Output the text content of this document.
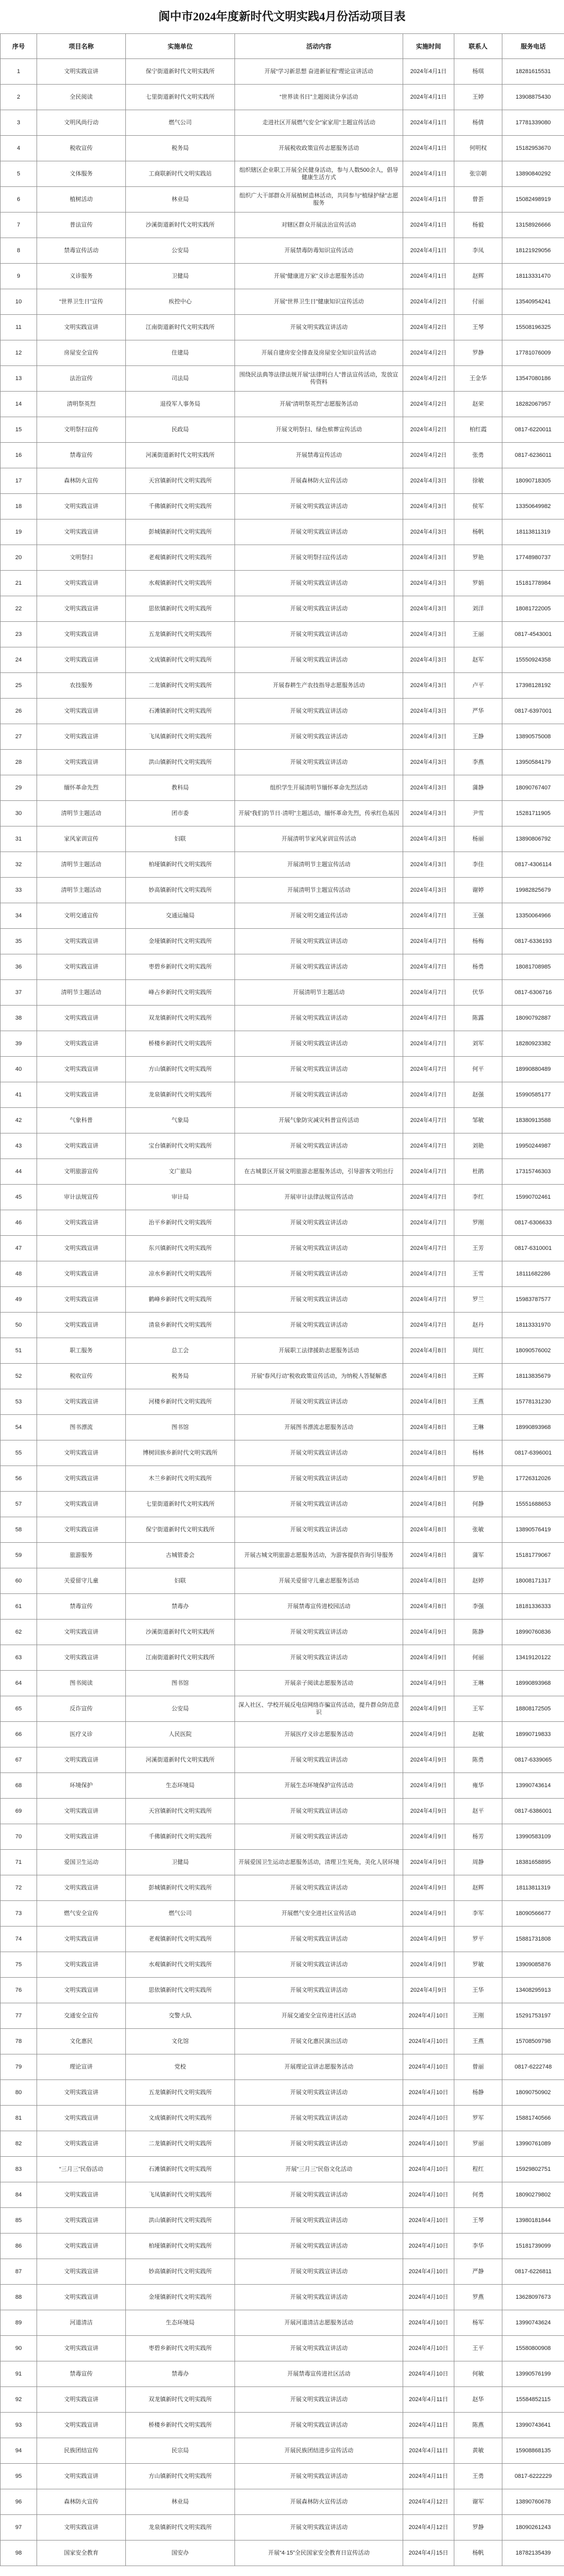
阆中市2024年度新时代文明实践4月份活动项目表
序号	项目名称	实施单位	活动内容	实施时间	联系人	服务电话

1	文明实践宣讲	保宁街道新时代文明实践所	开展“学习新思想 奋进新征程”理论宣讲活动	2024年4月1日	杨琪	18281615531

2	全民阅读	七里街道新时代文明实践所	“世界读书日”主题阅读分享活动	2024年4月1日	王婷	13908875430

3	文明风尚行动	燃气公司	走进社区开展燃气安全“家家用”主题宣传活动	2024年4月1日	杨倩	17781339080

4	税收宣传	税务局	开展税收政策宣传志愿服务活动	2024年4月1日	何明权	15182953670

5	文体服务	工商联新时代文明实践站	组织辖区企业职工开展全民健身活动，参与人数500余人，倡导健康生活方式	2024年4月1日	张宗朝	13890840292

6	植树活动	林业局	组织广大干部群众开展植树造林活动，共同参与“植绿护绿”志愿服务	2024年4月1日	曾荟	15082498919

7	普法宣传	沙溪街道新时代文明实践所	对辖区群众开展法治宣传活动	2024年4月1日	杨毅	13158926666

8	禁毒宣传活动	公安局	开展禁毒防毒知识宣传活动	2024年4月1日	李凤	18121929056

9	义诊服务	卫健局	开展“健康进万家”义诊志愿服务活动	2024年4月1日	赵辉	18113331470

10	“世界卫生日”宣传	疾控中心	开展“世界卫生日”健康知识宣传活动	2024年4月2日	付丽	13540954241

11	文明实践宣讲	江南街道新时代文明实践所	开展文明实践宣讲活动	2024年4月2日	王琴	15508196325

12	房屋安全宣传	住建局	开展自建房安全排查及房屋安全知识宣传活动	2024年4月2日	罗静	17781076009

13	法治宣传	司法局	围绕民法典等法律法规开展“法律明白人”普法宣传活动，发放宣传资料	2024年4月2日	王金华	13547080186

14	清明祭英烈	退役军人事务局	开展“清明祭英烈”志愿服务活动	2024年4月2日	赵荣	18282067957

15	文明祭扫宣传	民政局	开展文明祭扫、绿色殡葬宣传活动	2024年4月2日	柏红霞	0817-6220011

16	禁毒宣传	河溪街道新时代文明实践所	开展禁毒宣传活动	2024年4月2日	张勇	0817-6236011

17	森林防火宣传	天宫镇新时代文明实践所	开展森林防火宣传活动	2024年4月3日	徐敏	18090718305

18	文明实践宣讲	千佛镇新时代文明实践所	开展文明实践宣讲活动	2024年4月3日	侯军	13350649982

19	文明实践宣讲	彭城镇新时代文明实践所	开展文明实践宣讲活动	2024年4月3日	杨帆	18113811319

20	文明祭扫	老观镇新时代文明实践所	开展文明祭扫宣传活动	2024年4月3日	罗艳	17748980737

21	文明实践宣讲	水观镇新时代文明实践所	开展文明实践宣讲活动	2024年4月3日	罗娟	15181778984

22	文明实践宣讲	思依镇新时代文明实践所	开展文明实践宣讲活动	2024年4月3日	刘洋	18081722005

23	文明实践宣讲	五龙镇新时代文明实践所	开展文明实践宣讲活动	2024年4月3日	王丽	0817-4543001

24	文明实践宣讲	文成镇新时代文明实践所	开展文明实践宣讲活动	2024年4月3日	赵军	15550924358

25	农技服务	二龙镇新时代文明实践所	开展春耕生产农技指导志愿服务活动	2024年4月3日	卢平	17398128192

26	文明实践宣讲	石滩镇新时代文明实践所	开展文明实践宣讲活动	2024年4月3日	严华	0817-6397001

27	文明实践宣讲	飞凤镇新时代文明实践所	开展文明实践宣讲活动	2024年4月3日	王静	13890575008

28	文明实践宣讲	洪山镇新时代文明实践所	开展文明实践宣讲活动	2024年4月3日	李燕	13950584179

29	缅怀革命先烈	教科局	组织学生开展清明节缅怀革命先烈活动	2024年4月3日	蒲静	18090767407

30	清明节主题活动	团市委	开展“我们的节日·清明”主题活动，缅怀革命先烈，传承红色基因	2024年4月3日	尹雪	15281711905

31	家风家训宣传	妇联	开展清明节家风家训宣传活动	2024年4月3日	杨丽	13890806792

32	清明节主题活动	柏垭镇新时代文明实践所	开展清明节主题宣传活动	2024年4月3日	李佳	0817-4306114

33	清明节主题活动	妙高镇新时代文明实践所	开展清明节主题宣传活动	2024年4月3日	谢婷	19982825679

34	文明交通宣传	交通运输局	开展文明交通宣传活动	2024年4月7日	王强	13350064966

35	文明实践宣讲	金垭镇新时代文明实践所	开展文明实践宣讲活动	2024年4月7日	杨梅	0817-6336193

36	文明实践宣讲	枣碧乡新时代文明实践所	开展文明实践宣讲活动	2024年4月7日	杨勇	18081708985

37	清明节主题活动	峰占乡新时代文明实践所	开展清明节主题活动	2024年4月7日	伏华	0817-6306716

38	文明实践宣讲	双龙镇新时代文明实践所	开展文明实践宣讲活动	2024年4月7日	陈露	18090792887

39	文明实践宣讲	桥楼乡新时代文明实践所	开展文明实践宣讲活动	2024年4月7日	刘军	18280923382

40	文明实践宣讲	方山镇新时代文明实践所	开展文明实践宣讲活动	2024年4月7日	何平	18990880489

41	文明实践宣讲	龙泉镇新时代文明实践所	开展文明实践宣讲活动	2024年4月7日	赵强	15990585177

42	气象科普	气象局	开展气象防灾减灾科普宣传活动	2024年4月7日	邹敏	18380913588

43	文明实践宣讲	宝台镇新时代文明实践所	开展文明实践宣讲活动	2024年4月7日	刘艳	19950244987

44	文明旅游宣传	文广旅局	在古城景区开展文明旅游志愿服务活动，引导游客文明出行	2024年4月7日	杜鹃	17315746303

45	审计法规宣传	审计局	开展审计法律法规宣传活动	2024年4月7日	李红	15990702461

46	文明实践宣讲	治平乡新时代文明实践所	开展文明实践宣讲活动	2024年4月7日	罗刚	0817-6306633

47	文明实践宣讲	东兴镇新时代文明实践所	开展文明实践宣讲活动	2024年4月7日	王芳	0817-6310001

48	文明实践宣讲	凉水乡新时代文明实践所	开展文明实践宣讲活动	2024年4月7日	王雪	18111682286

49	文明实践宣讲	鹤峰乡新时代文明实践所	开展文明实践宣讲活动	2024年4月7日	罗兰	15983787577

50	文明实践宣讲	清泉乡新时代文明实践所	开展文明实践宣讲活动	2024年4月7日	赵丹	18113331970

51	职工服务	总工会	开展职工法律援助志愿服务活动	2024年4月8日	周红	18090576002

52	税收宣传	税务局	开展“春风行动”税收政策宣传活动，为纳税人答疑解惑	2024年4月8日	王辉	18113835679

53	文明实践宣讲	河楼乡新时代文明实践所	开展文明实践宣讲活动	2024年4月8日	王燕	15778131230

54	图书漂流	图书馆	开展图书漂流志愿服务活动	2024年4月8日	王琳	18990893968

55	文明实践宣讲	博树回族乡新时代文明实践所	开展文明实践宣讲活动	2024年4月8日	杨林	0817-6396001

56	文明实践宣讲	木兰乡新时代文明实践所	开展文明实践宣讲活动	2024年4月8日	罗艳	17726312026

57	文明实践宣讲	七里街道新时代文明实践所	开展文明实践宣讲活动	2024年4月8日	何静	15551688653

58	文明实践宣讲	保宁街道新时代文明实践所	开展文明实践宣讲活动	2024年4月8日	张敏	13890576419

59	旅游服务	古城管委会	开展古城文明旅游志愿服务活动，为游客提供咨询引导服务	2024年4月8日	蒲军	15181779067

60	关爱留守儿童	妇联	开展关爱留守儿童志愿服务活动	2024年4月8日	赵婷	18008171317

61	禁毒宣传	禁毒办	开展禁毒宣传进校园活动	2024年4月8日	李强	18181336333

62	文明实践宣讲	沙溪街道新时代文明实践所	开展文明实践宣讲活动	2024年4月9日	陈静	18990760836

63	文明实践宣讲	江南街道新时代文明实践所	开展文明实践宣讲活动	2024年4月9日	何丽	13419120122

64	图书阅读	图书馆	开展亲子阅读志愿服务活动	2024年4月9日	王琳	18990893968

65	反诈宣传	公安局	深入社区、学校开展反电信网络诈骗宣传活动，提升群众防范意识	2024年4月9日	王军	18808172505

66	医疗义诊	人民医院	开展医疗义诊志愿服务活动	2024年4月9日	赵敏	18990719833

67	文明实践宣讲	河溪街道新时代文明实践所	开展文明实践宣讲活动	2024年4月9日	陈勇	0817-6339065

68	环境保护	生态环境局	开展生态环境保护宣传活动	2024年4月9日	雍华	13990743614

69	文明实践宣讲	天宫镇新时代文明实践所	开展文明实践宣讲活动	2024年4月9日	赵平	0817-6386001

70	文明实践宣讲	千佛镇新时代文明实践所	开展文明实践宣讲活动	2024年4月9日	杨芳	13990583109

71	爱国卫生运动	卫健局	开展爱国卫生运动志愿服务活动，清理卫生死角，美化人居环境	2024年4月9日	周静	18381658895

72	文明实践宣讲	彭城镇新时代文明实践所	开展文明实践宣讲活动	2024年4月9日	赵辉	18113811319

73	燃气安全宣传	燃气公司	开展燃气安全进社区宣传活动	2024年4月9日	李军	18090566677

74	文明实践宣讲	老观镇新时代文明实践所	开展文明实践宣讲活动	2024年4月9日	罗平	15881731808

75	文明实践宣讲	水观镇新时代文明实践所	开展文明实践宣讲活动	2024年4月9日	罗敏	13909085876

76	文明实践宣讲	思依镇新时代文明实践所	开展文明实践宣讲活动	2024年4月9日	王华	13408295913

77	交通安全宣传	交警大队	开展交通安全宣传进社区活动	2024年4月10日	王刚	15291753197

78	文化惠民	文化馆	开展文化惠民演出活动	2024年4月10日	王燕	15708509798

79	理论宣讲	党校	开展理论宣讲志愿服务活动	2024年4月10日	曾丽	0817-6222748

80	文明实践宣讲	五龙镇新时代文明实践所	开展文明实践宣讲活动	2024年4月10日	杨静	18090750902

81	文明实践宣讲	文成镇新时代文明实践所	开展文明实践宣讲活动	2024年4月10日	罗军	15881740566

82	文明实践宣讲	二龙镇新时代文明实践所	开展文明实践宣讲活动	2024年4月10日	罗丽	13990761089

83	“三月三”民俗活动	石滩镇新时代文明实践所	开展“三月三”民俗文化活动	2024年4月10日	程红	15929802751

84	文明实践宣讲	飞凤镇新时代文明实践所	开展文明实践宣讲活动	2024年4月10日	何勇	18090279802

85	文明实践宣讲	洪山镇新时代文明实践所	开展文明实践宣讲活动	2024年4月10日	王琴	13980181844

86	文明实践宣讲	柏垭镇新时代文明实践所	开展文明实践宣讲活动	2024年4月10日	李华	15181739099

87	文明实践宣讲	妙高镇新时代文明实践所	开展文明实践宣讲活动	2024年4月10日	严静	0817-6226811

88	文明实践宣讲	金垭镇新时代文明实践所	开展文明实践宣讲活动	2024年4月10日	罗燕	13628097673

89	河道清洁	生态环境局	开展河道清洁志愿服务活动	2024年4月10日	杨军	13990743624

90	文明实践宣讲	枣碧乡新时代文明实践所	开展文明实践宣讲活动	2024年4月10日	王平	15580800908

91	禁毒宣传	禁毒办	开展禁毒宣传进社区活动	2024年4月10日	何敏	13990576199

92	文明实践宣讲	双龙镇新时代文明实践所	开展文明实践宣讲活动	2024年4月11日	赵华	15584852115

93	文明实践宣讲	桥楼乡新时代文明实践所	开展文明实践宣讲活动	2024年4月11日	陈燕	13990743641

94	民族团结宣传	民宗局	开展民族团结进步宣传活动	2024年4月11日	黄敏	15908868135

95	文明实践宣讲	方山镇新时代文明实践所	开展文明实践宣讲活动	2024年4月11日	王勇	0817-6222229

96	森林防火宣传	林业局	开展森林防火宣传活动	2024年4月12日	谢军	13890760678

97	文明实践宣讲	龙泉镇新时代文明实践所	开展文明实践宣讲活动	2024年4月12日	罗静	18090261243

98	国家安全教育	国安办	开展“4·15”全民国家安全教育日宣传活动	2024年4月15日	杨帆	18782135439
